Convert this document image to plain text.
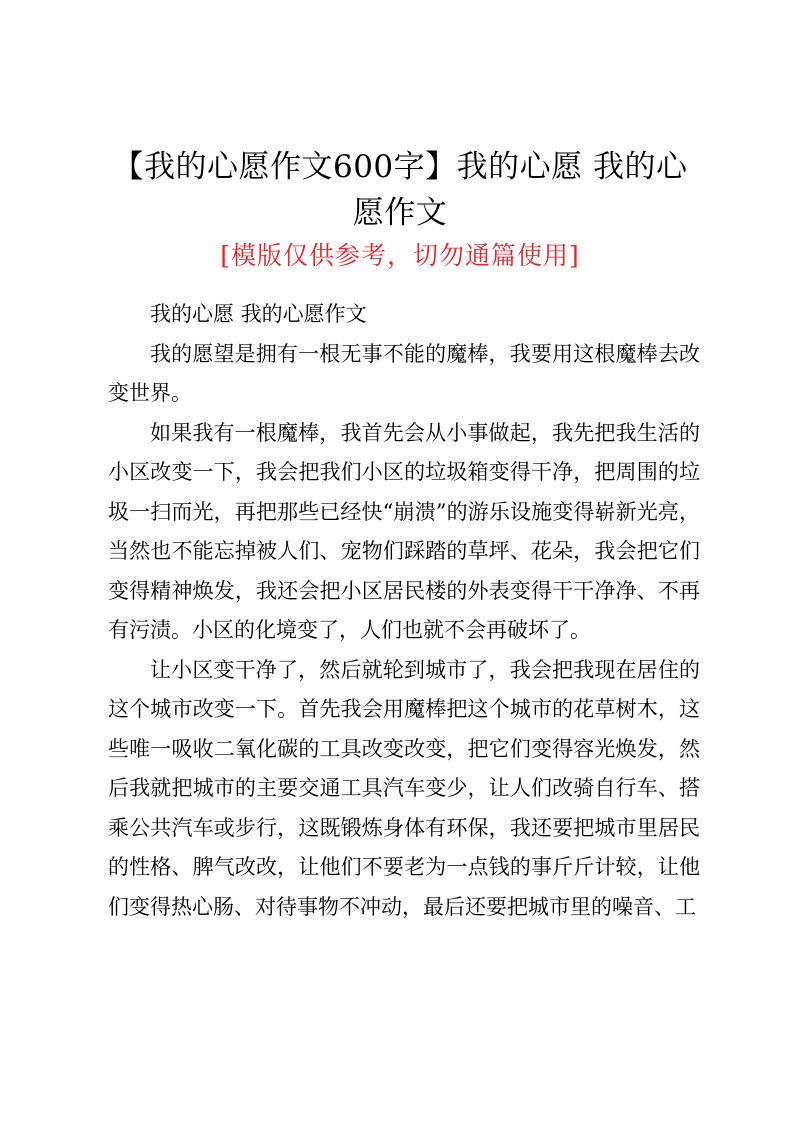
【我的心愿作文600字】我的心愿 我的心愿作文
[模版仅供参考，切勿通篇使用]

我的心愿 我的心愿作文

我的愿望是拥有一根无事不能的魔棒，我要用这根魔棒去改变世界。

如果我有一根魔棒，我首先会从小事做起，我先把我生活的小区改变一下，我会把我们小区的垃圾箱变得干净，把周围的垃圾一扫而光，再把那些已经快“崩溃”的游乐设施变得崭新光亮，当然也不能忘掉被人们、宠物们踩踏的草坪、花朵，我会把它们变得精神焕发，我还会把小区居民楼的外表变得干干净净、不再有污渍。小区的化境变了，人们也就不会再破坏了。

让小区变干净了，然后就轮到城市了，我会把我现在居住的这个城市改变一下。首先我会用魔棒把这个城市的花草树木，这些唯一吸收二氧化碳的工具改变改变，把它们变得容光焕发，然后我就把城市的主要交通工具汽车变少，让人们改骑自行车、搭乘公共汽车或步行，这既锻炼身体有环保，我还要把城市里居民的性格、脾气改改，让他们不要老为一点钱的事斤斤计较，让他们变得热心肠、对待事物不冲动，最后还要把城市里的噪音、工
